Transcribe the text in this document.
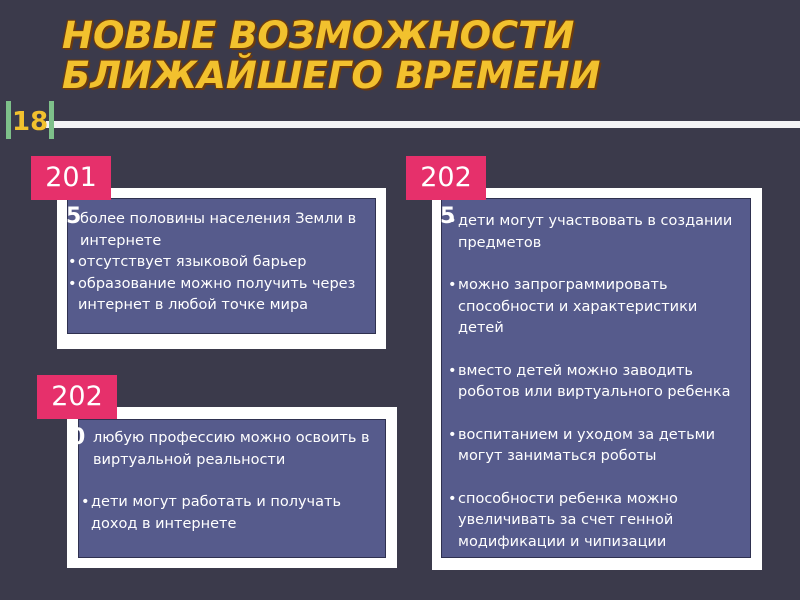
НОВЫЕ ВОЗМОЖНОСТИ
БЛИЖАЙШЕГО ВРЕМЕНИ
18
более половины населения Земли в интернете
• отсутствует языковой барьер
• образование можно получить через интернет в любой точке мира
201
5
•	дети могут участвовать в создании предметов
• можно запрограммировать способности и характеристики детей
• вместо детей можно заводить роботов или виртуального ребенка
• воспитанием и уходом за детьми могут заниматься роботы
• способности ребенка можно увеличивать за счет генной модификации и чипизации
202
5
любую профессию можно освоить в виртуальной реальности
• дети могут работать и получать доход в интернете
202
0
